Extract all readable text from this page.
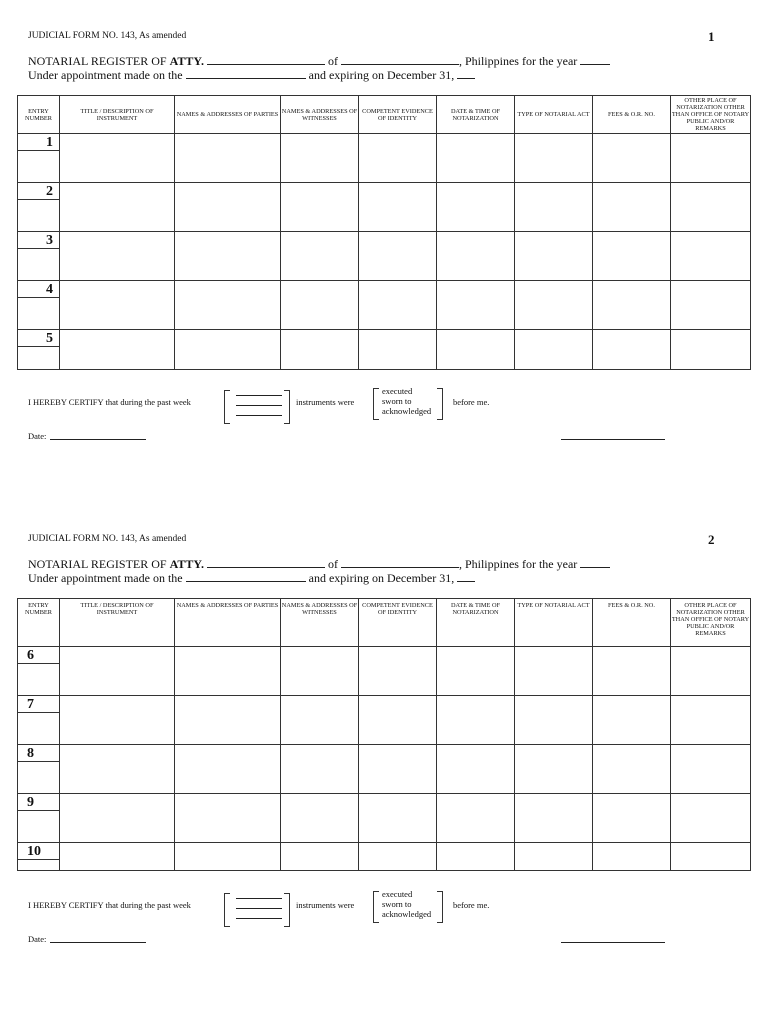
JUDICIAL FORM NO. 143, As amended	1
NOTARIAL REGISTER OF ATTY.	of	, Philippines for the year
Under appointment made on the	and expiring on December 31,
ENTRY NUMBER	TITLE / DESCRIPTION OF INSTRUMENT	NAMES & ADDRESSES OF PARTIES	NAMES & ADDRESSES OF WITNESSES	COMPETENT EVIDENCE OF IDENTITY	DATE & TIME OF NOTARIZATION	TYPE OF NOTARIAL ACT	FEES & O.R. NO.	OTHER PLACE OF NOTARIZATION OTHER THAN OFFICE OF NOTARY PUBLIC AND/OR REMARKS

1								

2								

3								

4								

5								

I HEREBY CERTIFY that during the past week	instruments were
executed
sworn to
acknowledged
before me.
Date:
JUDICIAL FORM NO. 143, As amended	2
NOTARIAL REGISTER OF ATTY.	of	, Philippines for the year
Under appointment made on the	and expiring on December 31,
ENTRY NUMBER	TITLE / DESCRIPTION OF INSTRUMENT	NAMES & ADDRESSES OF PARTIES	NAMES & ADDRESSES OF WITNESSES	COMPETENT EVIDENCE OF IDENTITY	DATE & TIME OF NOTARIZATION	TYPE OF NOTARIAL ACT	FEES & O.R. NO.	OTHER PLACE OF NOTARIZATION OTHER THAN OFFICE OF NOTARY PUBLIC AND/OR REMARKS

6								

7								

8								

9								

10								

I HEREBY CERTIFY that during the past week	instruments were
executed
sworn to
acknowledged
before me.
Date:
